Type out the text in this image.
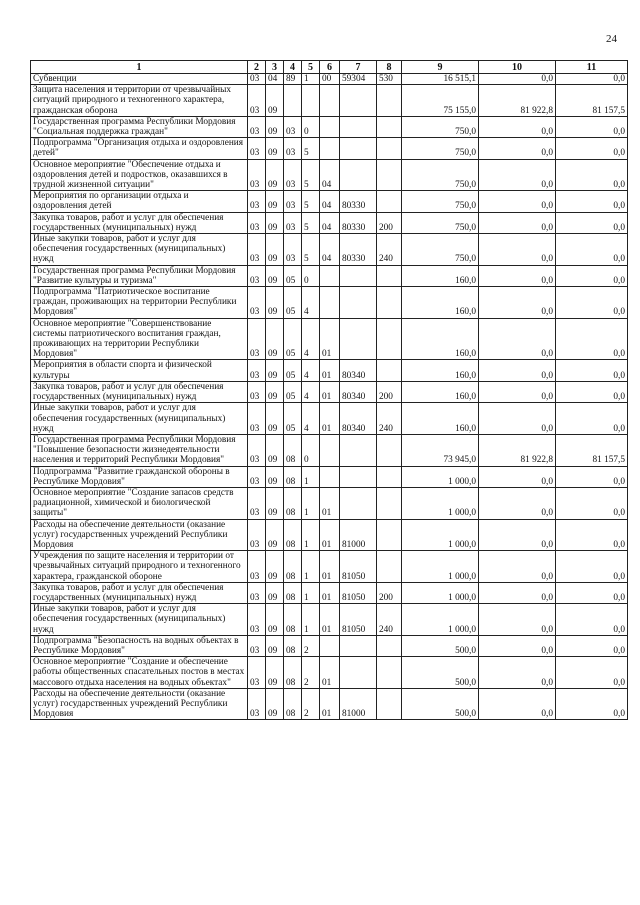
24
1	2	3	4	5	6	7	8	9	10	11
Субвенции	03	04	89	1	00	59304	530	16 515,1	0,0	0,0
Защита населения и территории от чрезвычайных ситуаций природного и техногенного характера, гражданская оборона	03	09						75 155,0	81 922,8	81 157,5
Государственная программа Республики Мордовия "Социальная поддержка граждан"	03	09	03	0				750,0	0,0	0,0
Подпрограмма "Организация отдыха и оздоровления детей"	03	09	03	5				750,0	0,0	0,0
Основное мероприятие "Обеспечение отдыха и оздоровления детей и подростков, оказавшихся в трудной жизненной ситуации"	03	09	03	5	04			750,0	0,0	0,0
Мероприятия по организации отдыха и оздоровления детей	03	09	03	5	04	80330		750,0	0,0	0,0
Закупка товаров, работ и услуг для обеспечения государственных (муниципальных) нужд	03	09	03	5	04	80330	200	750,0	0,0	0,0
Иные закупки товаров, работ и услуг для обеспечения государственных (муниципальных) нужд	03	09	03	5	04	80330	240	750,0	0,0	0,0
Государственная программа Республики Мордовия "Развитие культуры и туризма"	03	09	05	0				160,0	0,0	0,0
Подпрограмма "Патриотическое воспитание граждан, проживающих на территории Республики Мордовия"	03	09	05	4				160,0	0,0	0,0
Основное мероприятие "Совершенствование системы патриотического воспитания граждан, проживающих на территории Республики Мордовия"	03	09	05	4	01			160,0	0,0	0,0
Мероприятия в области спорта и физической культуры	03	09	05	4	01	80340		160,0	0,0	0,0
Закупка товаров, работ и услуг для обеспечения государственных (муниципальных) нужд	03	09	05	4	01	80340	200	160,0	0,0	0,0
Иные закупки товаров, работ и услуг для обеспечения государственных (муниципальных) нужд	03	09	05	4	01	80340	240	160,0	0,0	0,0
Государственная программа Республики Мордовия "Повышение безопасности жизнедеятельности населения и территорий Республики Мордовия"	03	09	08	0				73 945,0	81 922,8	81 157,5
Подпрограмма "Развитие гражданской обороны в Республике Мордовия"	03	09	08	1				1 000,0	0,0	0,0
Основное мероприятие "Создание запасов средств радиационной, химической и биологической защиты"	03	09	08	1	01			1 000,0	0,0	0,0
Расходы на обеспечение деятельности (оказание услуг) государственных учреждений Республики Мордовия	03	09	08	1	01	81000		1 000,0	0,0	0,0
Учреждения по защите населения и территории от чрезвычайных ситуаций природного и техногенного характера, гражданской обороне	03	09	08	1	01	81050		1 000,0	0,0	0,0
Закупка товаров, работ и услуг для обеспечения государственных (муниципальных) нужд	03	09	08	1	01	81050	200	1 000,0	0,0	0,0
Иные закупки товаров, работ и услуг для обеспечения государственных (муниципальных) нужд	03	09	08	1	01	81050	240	1 000,0	0,0	0,0
Подпрограмма "Безопасность на водных объектах в Республике Мордовия"	03	09	08	2				500,0	0,0	0,0
Основное мероприятие "Создание и обеспечение работы общественных спасательных постов в местах массового отдыха населения на водных объектах"	03	09	08	2	01			500,0	0,0	0,0
Расходы на обеспечение деятельности (оказание услуг) государственных учреждений Республики Мордовия	03	09	08	2	01	81000		500,0	0,0	0,0
